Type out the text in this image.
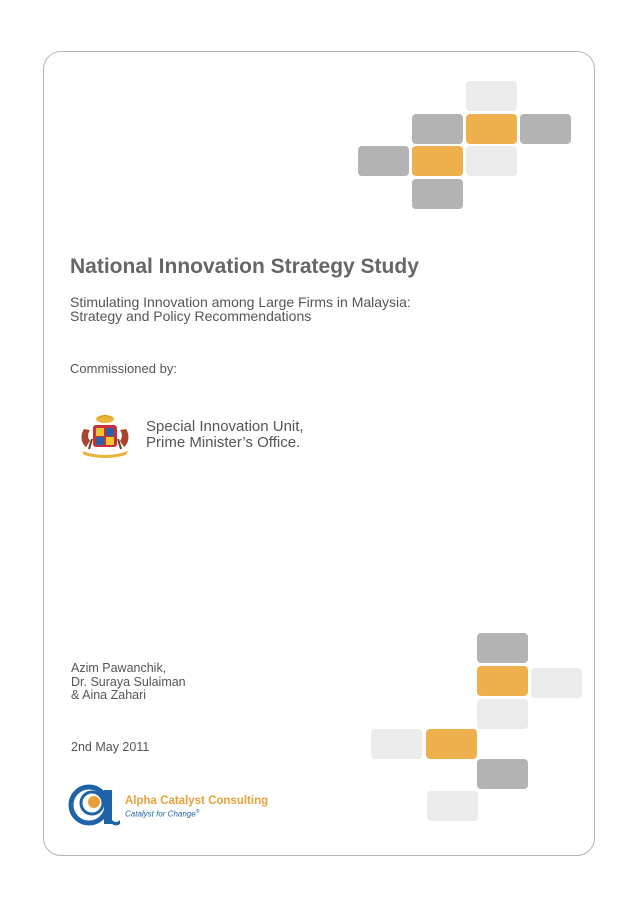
National Innovation Strategy Study
Stimulating Innovation among Large Firms in Malaysia:
Strategy and Policy Recommendations
Commissioned by:
Special Innovation Unit,
Prime Minister’s Office.
Azim Pawanchik,
Dr. Suraya Sulaiman
& Aina Zahari
2nd May 2011
Alpha Catalyst Consulting
Catalyst for Change®
